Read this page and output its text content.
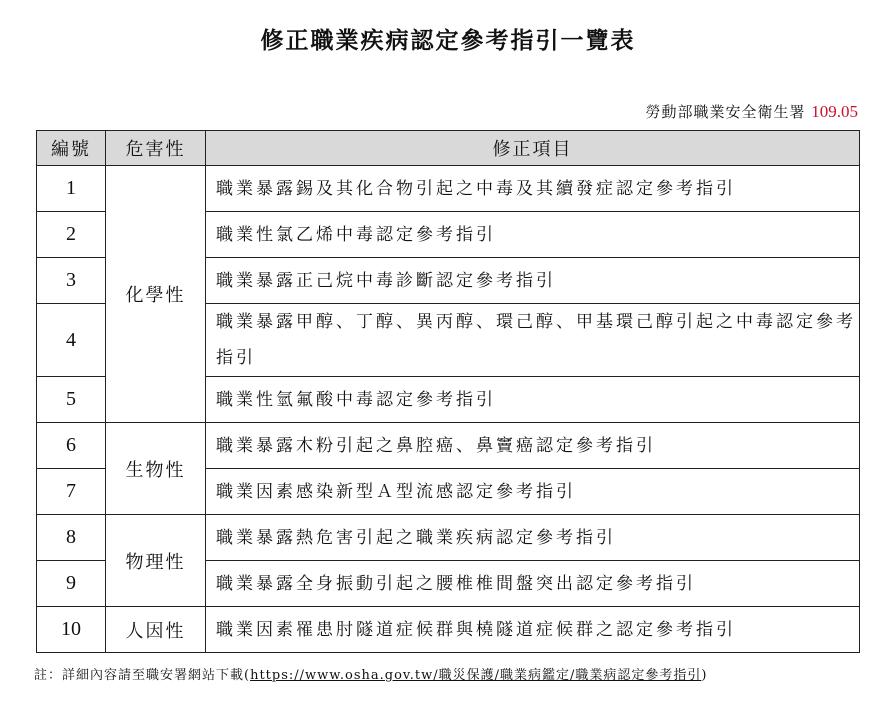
修正職業疾病認定參考指引一覽表
勞動部職業安全衛生署 109.05
編號	危害性	修正項目
1	化學性	職業暴露錫及其化合物引起之中毒及其續發症認定參考指引
2		職業性氯乙烯中毒認定參考指引
3		職業暴露正己烷中毒診斷認定參考指引
4		職業暴露甲醇、丁醇、異丙醇、環己醇、甲基環己醇引起之中毒認定參考指引
5		職業性氫氟酸中毒認定參考指引
6	生物性	職業暴露木粉引起之鼻腔癌、鼻竇癌認定參考指引
7		職業因素感染新型Ａ型流感認定參考指引
8	物理性	職業暴露熱危害引起之職業疾病認定參考指引
9		職業暴露全身振動引起之腰椎椎間盤突出認定參考指引
10	人因性	職業因素罹患肘隧道症候群與橈隧道症候群之認定參考指引
註：詳細內容請至職安署網站下載(https://www.osha.gov.tw/職災保護/職業病鑑定/職業病認定參考指引)
